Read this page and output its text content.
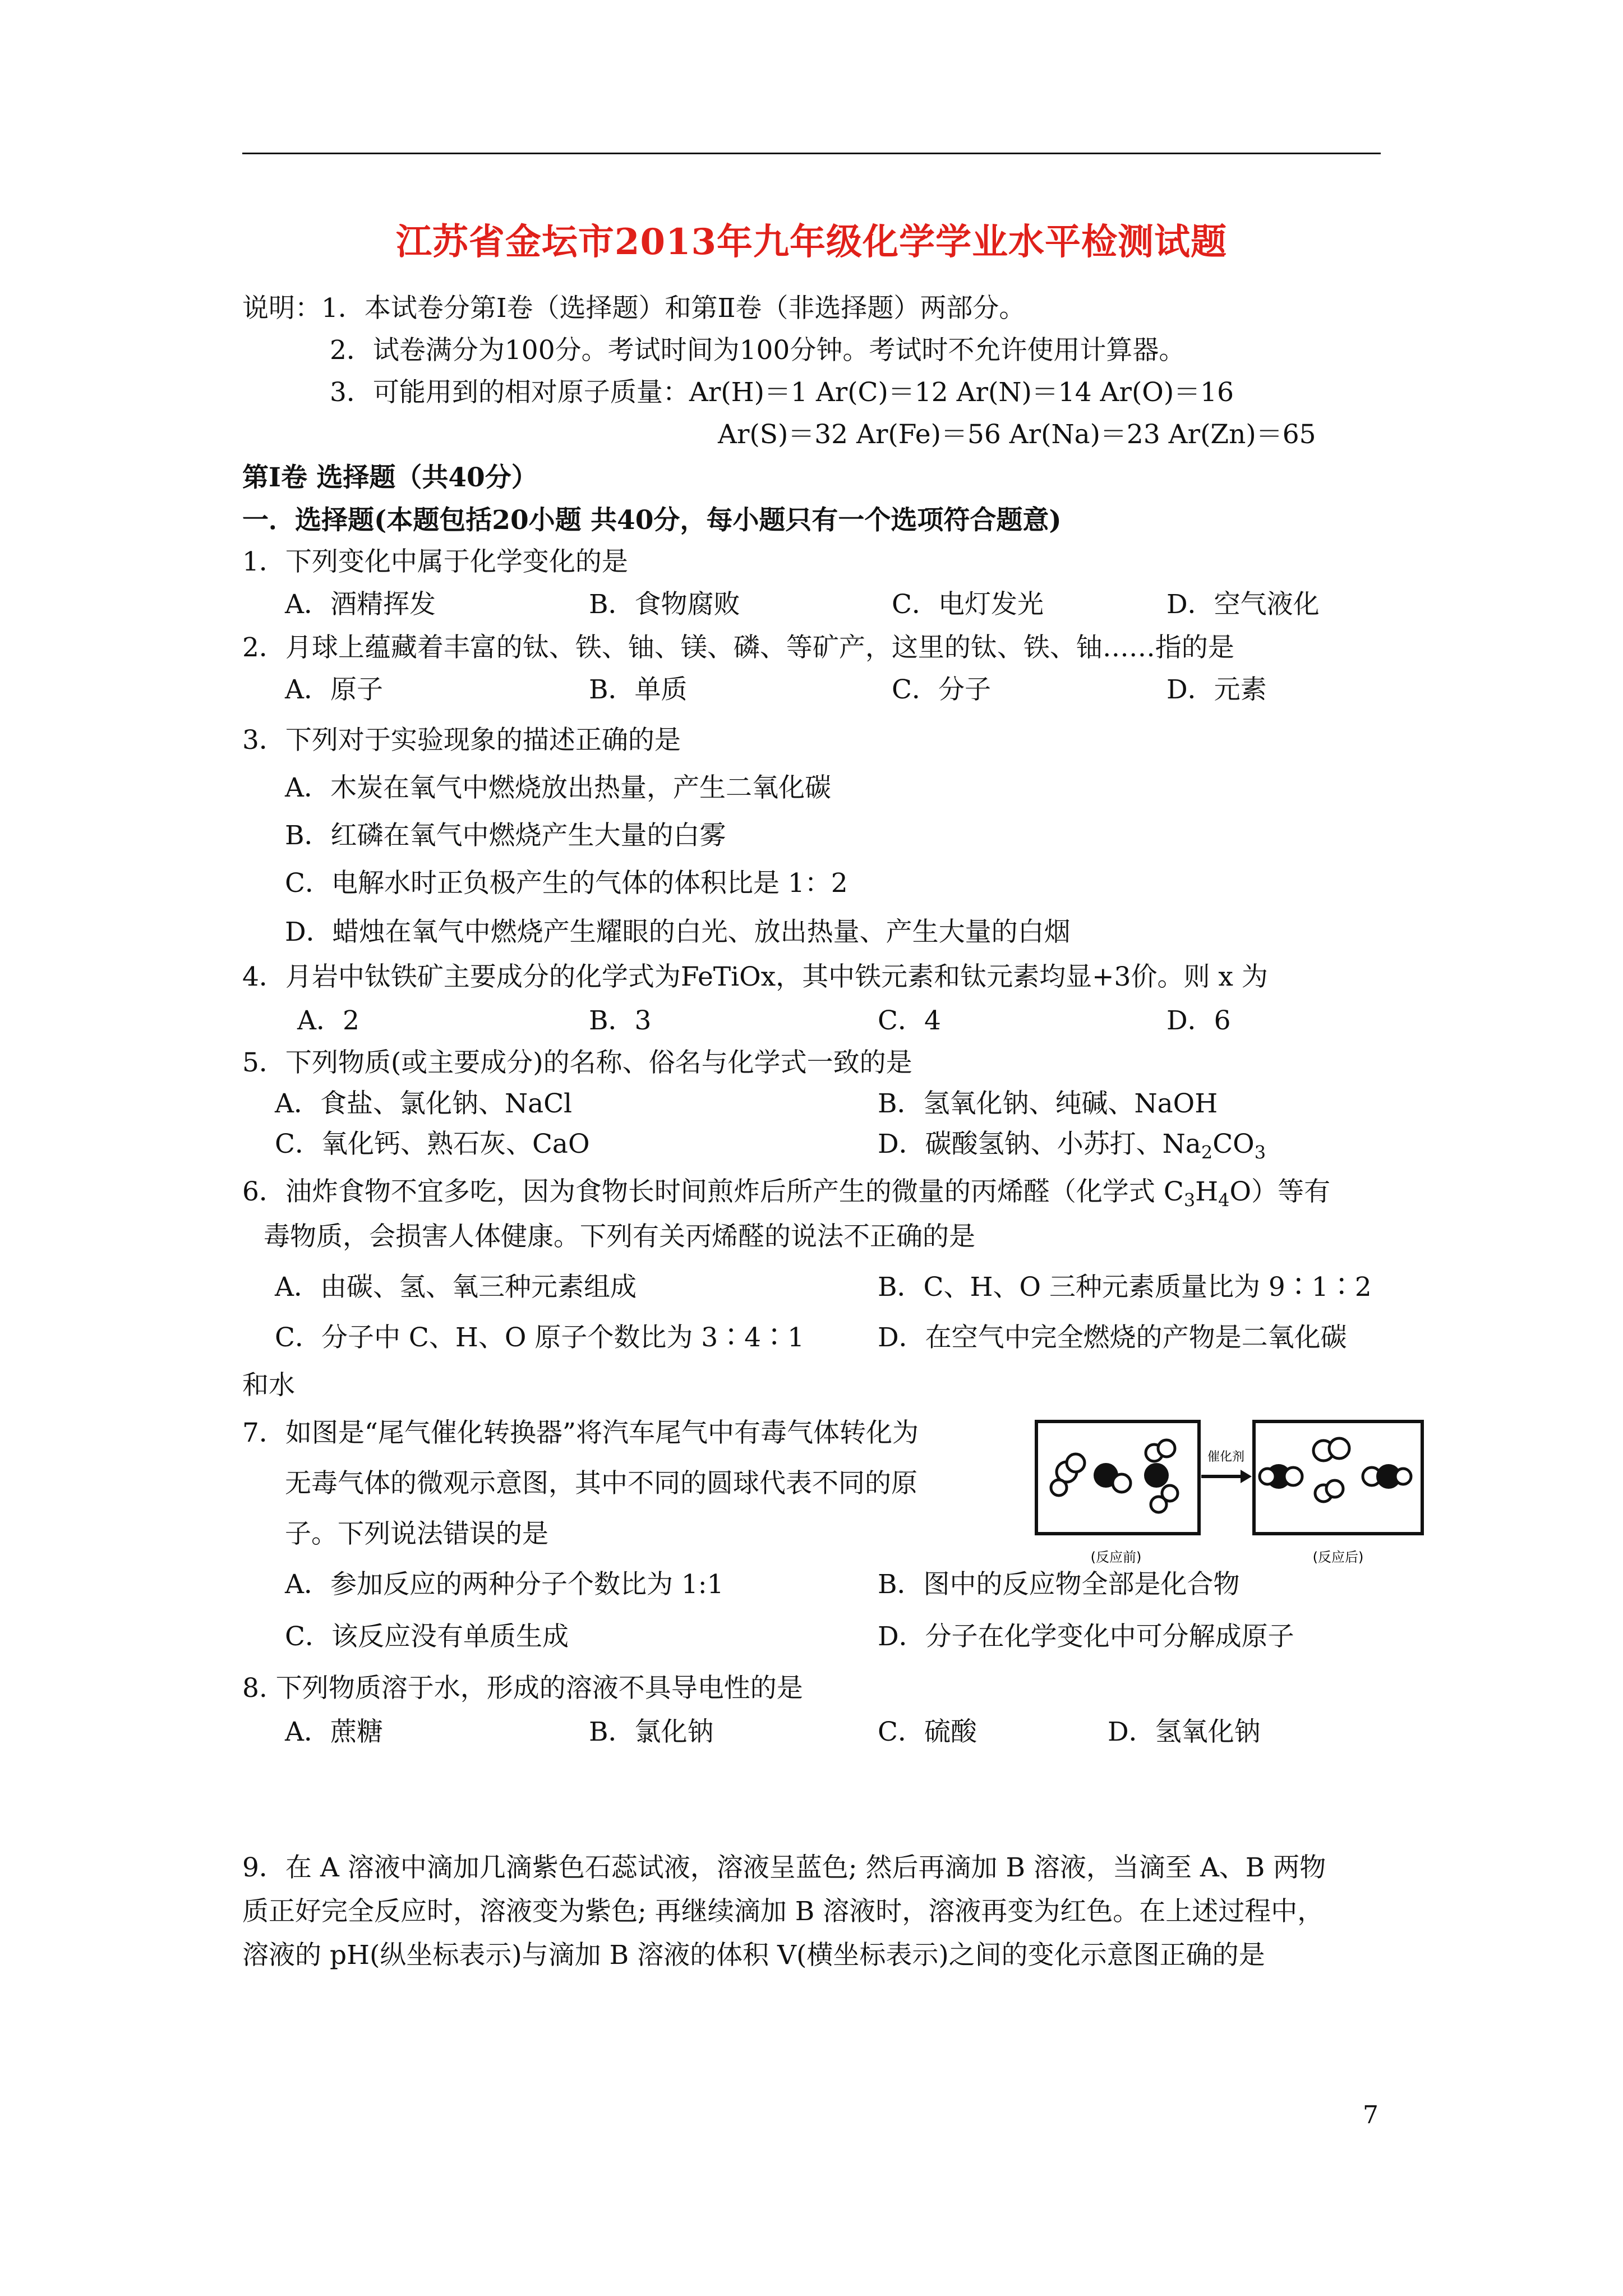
江苏省金坛市2013年九年级化学学业水平检测试题
说明：1．本试卷分第Ⅰ卷（选择题）和第Ⅱ卷（非选择题）两部分。
2．试卷满分为100分。考试时间为100分钟。考试时不允许使用计算器。
3．可能用到的相对原子质量：Ar(H)＝1 Ar(C)＝12 Ar(N)＝14 Ar(O)＝16
Ar(S)＝32 Ar(Fe)＝56 Ar(Na)＝23 Ar(Zn)＝65
第Ⅰ卷 选择题（共40分）
一．选择题(本题包括20小题 共40分，每小题只有一个选项符合题意)
1．下列变化中属于化学变化的是
A．酒精挥发	B．食物腐败	C．电灯发光	D．空气液化
2．月球上蕴藏着丰富的钛、铁、铀、镁、磷、等矿产，这里的钛、铁、铀……指的是
A．原子	B．单质	C．分子	D．元素
3．下列对于实验现象的描述正确的是
A．木炭在氧气中燃烧放出热量，产生二氧化碳
B．红磷在氧气中燃烧产生大量的白雾
C．电解水时正负极产生的气体的体积比是 1：2
D．蜡烛在氧气中燃烧产生耀眼的白光、放出热量、产生大量的白烟
4．月岩中钛铁矿主要成分的化学式为FeTiOx，其中铁元素和钛元素均显+3价。则 x 为
A．2	B．3	C．4	D．6
5．下列物质(或主要成分)的名称、俗名与化学式一致的是
A．食盐、氯化钠、NaCl	B．氢氧化钠、纯碱、NaOH
C．氧化钙、熟石灰、CaO	D．碳酸氢钠、小苏打、$Na_2CO_3$
6．油炸食物不宜多吃，因为食物长时间煎炸后所产生的微量的丙烯醛（化学式 $C_3H_4O$）等有
毒物质，会损害人体健康。下列有关丙烯醛的说法不正确的是
A．由碳、氢、氧三种元素组成	B．C、H、O 三种元素质量比为 9∶1∶2
C．分子中 C、H、O 原子个数比为 3∶4∶1	D．在空气中完全燃烧的产物是二氧化碳
和水
7．如图是“尾气催化转换器”将汽车尾气中有毒气体转化为
无毒气体的微观示意图，其中不同的圆球代表不同的原
子。下列说法错误的是
催化剂
(反应前)	(反应后)
A．参加反应的两种分子个数比为 1:1	B．图中的反应物全部是化合物
C．该反应没有单质生成	D．分子在化学变化中可分解成原子
8. 下列物质溶于水，形成的溶液不具导电性的是
A．蔗糖	B．氯化钠	C．硫酸	D．氢氧化钠
9．在 A 溶液中滴加几滴紫色石蕊试液，溶液呈蓝色; 然后再滴加 B 溶液，当滴至 A、B 两物
质正好完全反应时，溶液变为紫色; 再继续滴加 B 溶液时，溶液再变为红色。在上述过程中，
溶液的 pH(纵坐标表示)与滴加 B 溶液的体积 V(横坐标表示)之间的变化示意图正确的是
7
